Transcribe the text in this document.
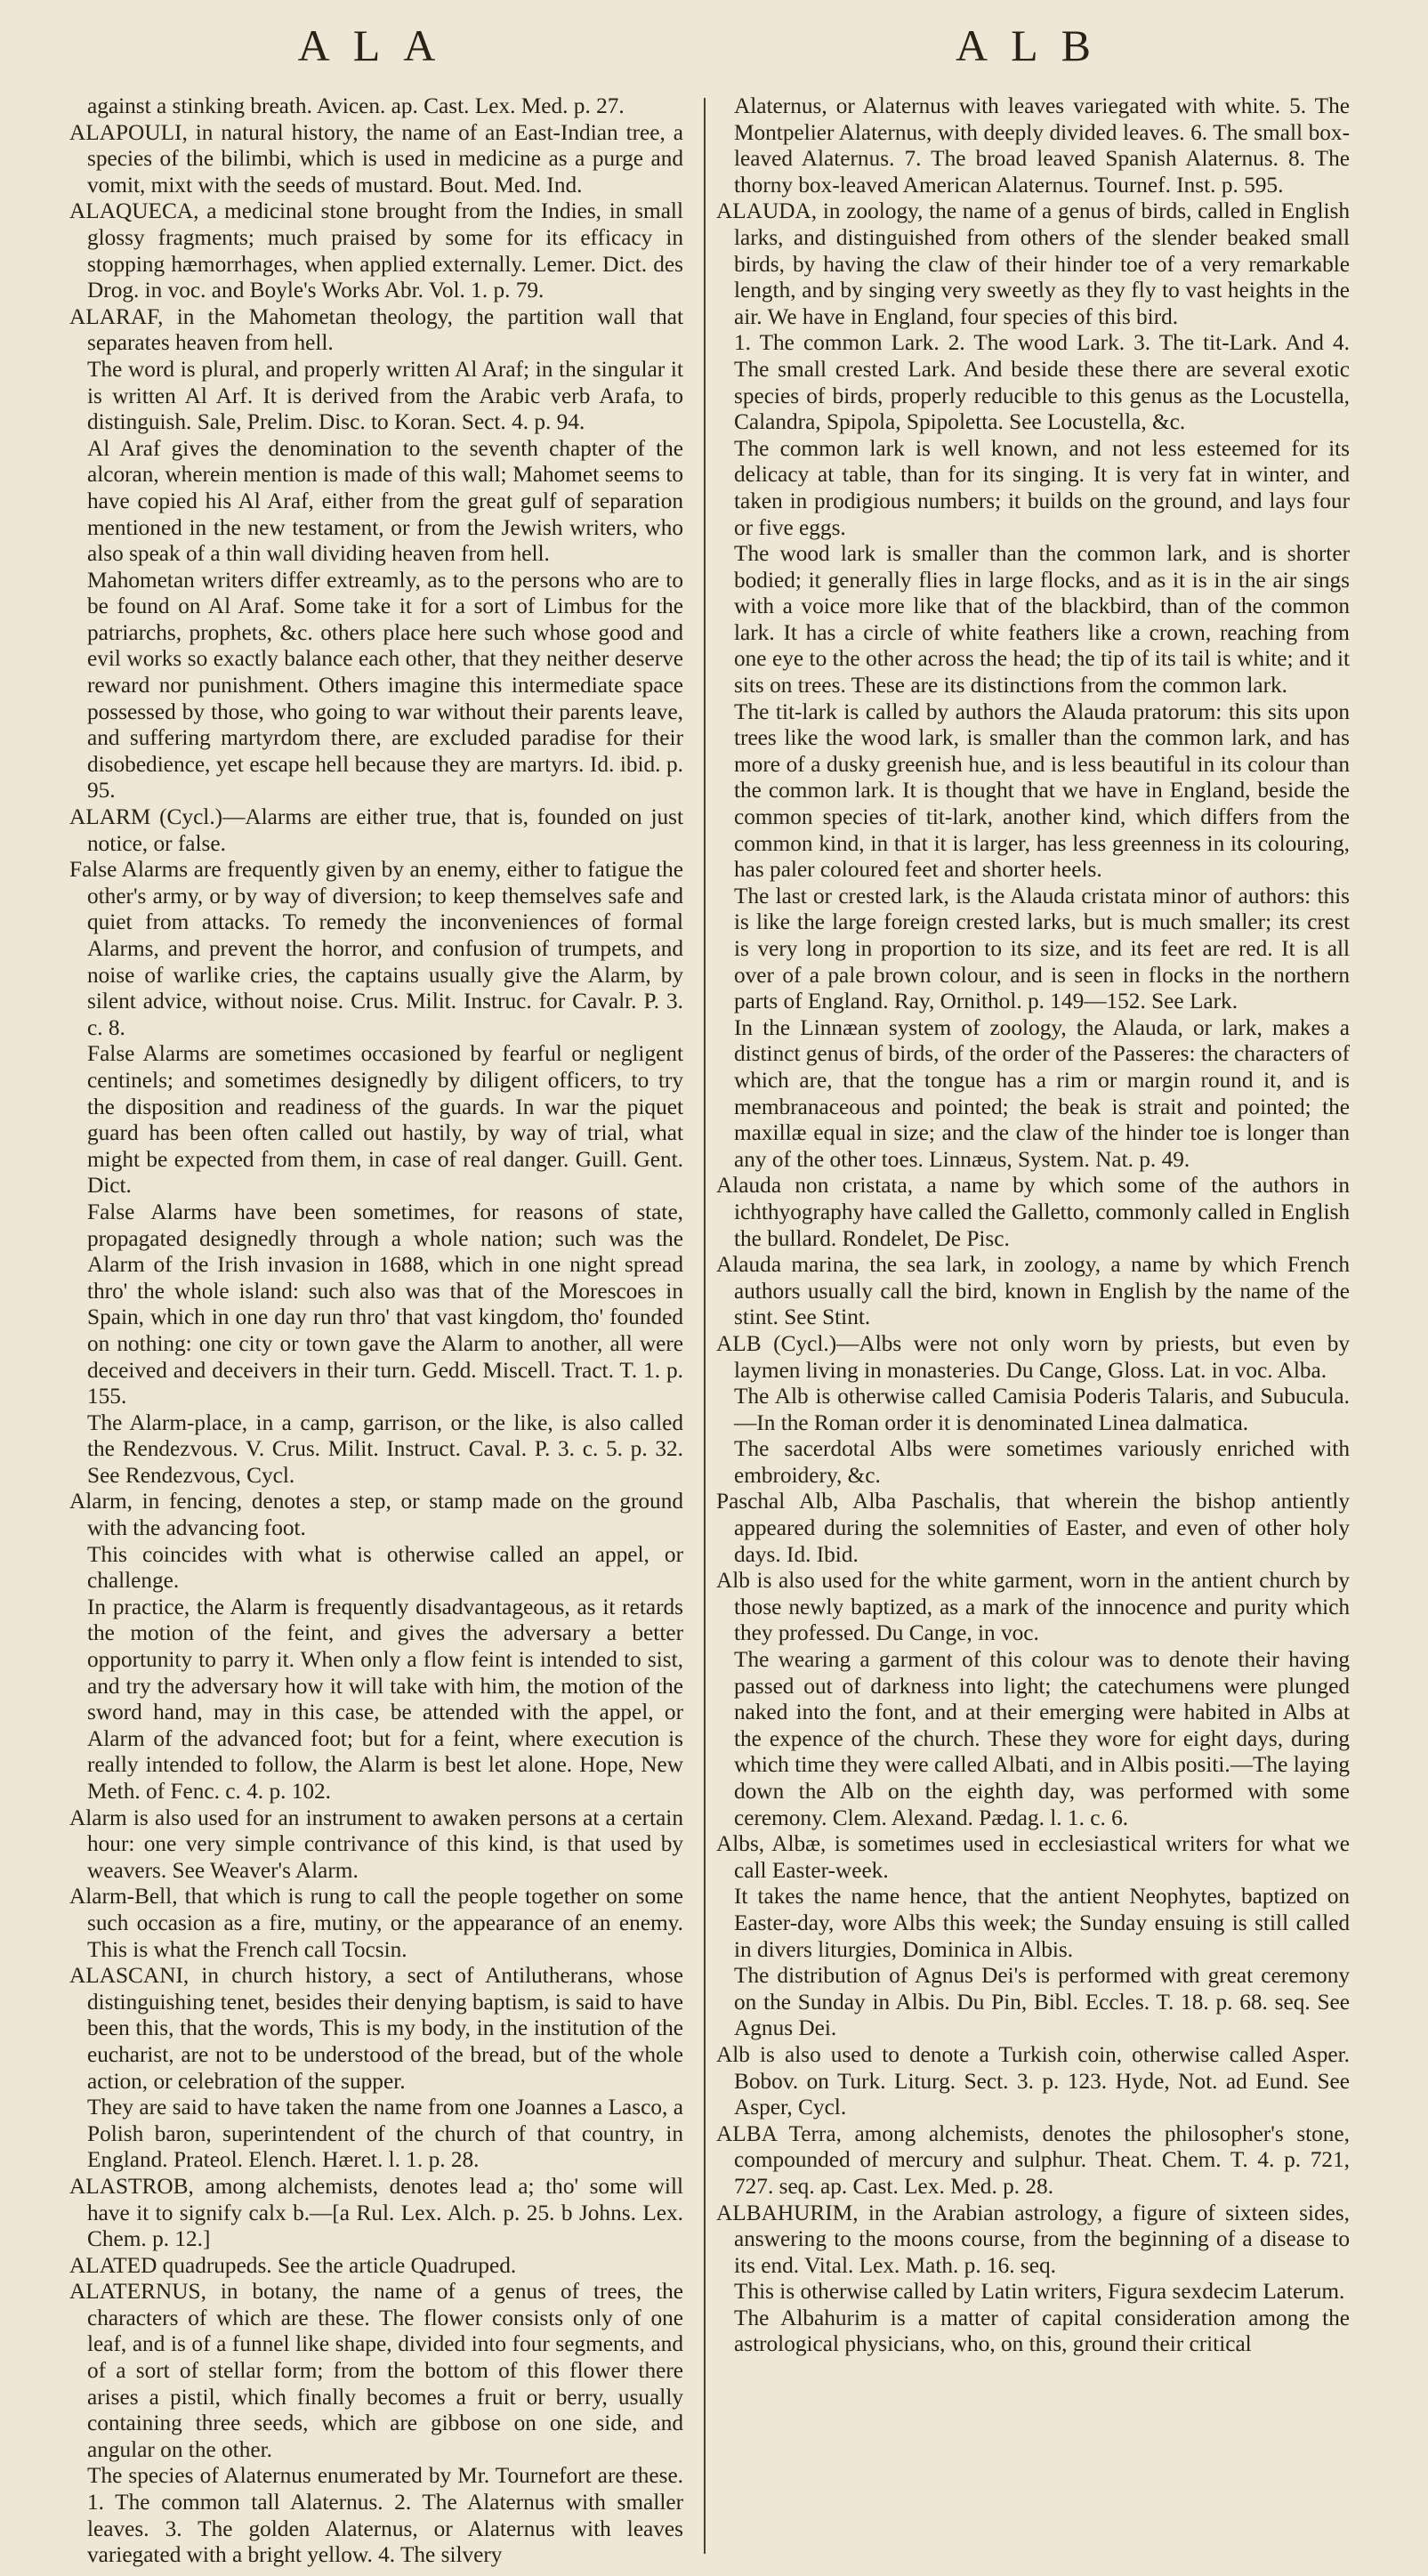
ALA	ALB

against a stinking breath. Avicen. ap. Cast. Lex. Med. p. 27.

ALAPOULI, in natural history, the name of an East-Indian tree, a species of the bilimbi, which is used in medicine as a purge and vomit, mixt with the seeds of mustard. Bout. Med. Ind.

ALAQUECA, a medicinal stone brought from the Indies, in small glossy fragments; much praised by some for its efficacy in stopping hæmorrhages, when applied externally. Lemer. Dict. des Drog. in voc. and Boyle's Works Abr. Vol. 1. p. 79.

ALARAF, in the Mahometan theology, the partition wall that separates heaven from hell.

The word is plural, and properly written Al Araf; in the singular it is written Al Arf. It is derived from the Arabic verb Arafa, to distinguish. Sale, Prelim. Disc. to Koran. Sect. 4. p. 94.

Al Araf gives the denomination to the seventh chapter of the alcoran, wherein mention is made of this wall; Mahomet seems to have copied his Al Araf, either from the great gulf of separation mentioned in the new testament, or from the Jewish writers, who also speak of a thin wall dividing heaven from hell.

Mahometan writers differ extreamly, as to the persons who are to be found on Al Araf. Some take it for a sort of Limbus for the patriarchs, prophets, &c. others place here such whose good and evil works so exactly balance each other, that they neither deserve reward nor punishment. Others imagine this intermediate space possessed by those, who going to war without their parents leave, and suffering martyrdom there, are excluded paradise for their disobedience, yet escape hell because they are martyrs. Id. ibid. p. 95.

ALARM (Cycl.)—Alarms are either true, that is, founded on just notice, or false.

False Alarms are frequently given by an enemy, either to fatigue the other's army, or by way of diversion; to keep themselves safe and quiet from attacks. To remedy the inconveniences of formal Alarms, and prevent the horror, and confusion of trumpets, and noise of warlike cries, the captains usually give the Alarm, by silent advice, without noise. Crus. Milit. Instruc. for Cavalr. P. 3. c. 8.

False Alarms are sometimes occasioned by fearful or negligent centinels; and sometimes designedly by diligent officers, to try the disposition and readiness of the guards. In war the piquet guard has been often called out hastily, by way of trial, what might be expected from them, in case of real danger. Guill. Gent. Dict.

False Alarms have been sometimes, for reasons of state, propagated designedly through a whole nation; such was the Alarm of the Irish invasion in 1688, which in one night spread thro' the whole island: such also was that of the Morescoes in Spain, which in one day run thro' that vast kingdom, tho' founded on nothing: one city or town gave the Alarm to another, all were deceived and deceivers in their turn. Gedd. Miscell. Tract. T. 1. p. 155.

The Alarm-place, in a camp, garrison, or the like, is also called the Rendezvous. V. Crus. Milit. Instruct. Caval. P. 3. c. 5. p. 32. See Rendezvous, Cycl.

Alarm, in fencing, denotes a step, or stamp made on the ground with the advancing foot.

This coincides with what is otherwise called an appel, or challenge.

In practice, the Alarm is frequently disadvantageous, as it retards the motion of the feint, and gives the adversary a better opportunity to parry it. When only a flow feint is intended to sist, and try the adversary how it will take with him, the motion of the sword hand, may in this case, be attended with the appel, or Alarm of the advanced foot; but for a feint, where execution is really intended to follow, the Alarm is best let alone. Hope, New Meth. of Fenc. c. 4. p. 102.

Alarm is also used for an instrument to awaken persons at a certain hour: one very simple contrivance of this kind, is that used by weavers. See Weaver's Alarm.

Alarm-Bell, that which is rung to call the people together on some such occasion as a fire, mutiny, or the appearance of an enemy. This is what the French call Tocsin.

ALASCANI, in church history, a sect of Antilutherans, whose distinguishing tenet, besides their denying baptism, is said to have been this, that the words, This is my body, in the institution of the eucharist, are not to be understood of the bread, but of the whole action, or celebration of the supper.

They are said to have taken the name from one Joannes a Lasco, a Polish baron, superintendent of the church of that country, in England. Prateol. Elench. Hæret. l. 1. p. 28.

ALASTROB, among alchemists, denotes lead a; tho' some will have it to signify calx b.—[a Rul. Lex. Alch. p. 25. b Johns. Lex. Chem. p. 12.]

ALATED quadrupeds. See the article Quadruped.

ALATERNUS, in botany, the name of a genus of trees, the characters of which are these. The flower consists only of one leaf, and is of a funnel like shape, divided into four segments, and of a sort of stellar form; from the bottom of this flower there arises a pistil, which finally becomes a fruit or berry, usually containing three seeds, which are gibbose on one side, and angular on the other.

The species of Alaternus enumerated by Mr. Tournefort are these. 1. The common tall Alaternus. 2. The Alaternus with smaller leaves. 3. The golden Alaternus, or Alaternus with leaves variegated with a bright yellow. 4. The silvery

Alaternus, or Alaternus with leaves variegated with white. 5. The Montpelier Alaternus, with deeply divided leaves. 6. The small box-leaved Alaternus. 7. The broad leaved Spanish Alaternus. 8. The thorny box-leaved American Alaternus. Tournef. Inst. p. 595.

ALAUDA, in zoology, the name of a genus of birds, called in English larks, and distinguished from others of the slender beaked small birds, by having the claw of their hinder toe of a very remarkable length, and by singing very sweetly as they fly to vast heights in the air. We have in England, four species of this bird.

1. The common Lark. 2. The wood Lark. 3. The tit-Lark. And 4. The small crested Lark. And beside these there are several exotic species of birds, properly reducible to this genus as the Locustella, Calandra, Spipola, Spipoletta. See Locustella, &c.

The common lark is well known, and not less esteemed for its delicacy at table, than for its singing. It is very fat in winter, and taken in prodigious numbers; it builds on the ground, and lays four or five eggs.

The wood lark is smaller than the common lark, and is shorter bodied; it generally flies in large flocks, and as it is in the air sings with a voice more like that of the blackbird, than of the common lark. It has a circle of white feathers like a crown, reaching from one eye to the other across the head; the tip of its tail is white; and it sits on trees. These are its distinctions from the common lark.

The tit-lark is called by authors the Alauda pratorum: this sits upon trees like the wood lark, is smaller than the common lark, and has more of a dusky greenish hue, and is less beautiful in its colour than the common lark. It is thought that we have in England, beside the common species of tit-lark, another kind, which differs from the common kind, in that it is larger, has less greenness in its colouring, has paler coloured feet and shorter heels.

The last or crested lark, is the Alauda cristata minor of authors: this is like the large foreign crested larks, but is much smaller; its crest is very long in proportion to its size, and its feet are red. It is all over of a pale brown colour, and is seen in flocks in the northern parts of England. Ray, Ornithol. p. 149—152. See Lark.

In the Linnæan system of zoology, the Alauda, or lark, makes a distinct genus of birds, of the order of the Passeres: the characters of which are, that the tongue has a rim or margin round it, and is membranaceous and pointed; the beak is strait and pointed; the maxillæ equal in size; and the claw of the hinder toe is longer than any of the other toes. Linnæus, System. Nat. p. 49.

Alauda non cristata, a name by which some of the authors in ichthyography have called the Galletto, commonly called in English the bullard. Rondelet, De Pisc.

Alauda marina, the sea lark, in zoology, a name by which French authors usually call the bird, known in English by the name of the stint. See Stint.

ALB (Cycl.)—Albs were not only worn by priests, but even by laymen living in monasteries. Du Cange, Gloss. Lat. in voc. Alba.

The Alb is otherwise called Camisia Poderis Talaris, and Subucula.—In the Roman order it is denominated Linea dalmatica.

The sacerdotal Albs were sometimes variously enriched with embroidery, &c.

Paschal Alb, Alba Paschalis, that wherein the bishop antiently appeared during the solemnities of Easter, and even of other holy days. Id. Ibid.

Alb is also used for the white garment, worn in the antient church by those newly baptized, as a mark of the innocence and purity which they professed. Du Cange, in voc.

The wearing a garment of this colour was to denote their having passed out of darkness into light; the catechumens were plunged naked into the font, and at their emerging were habited in Albs at the expence of the church. These they wore for eight days, during which time they were called Albati, and in Albis positi.—The laying down the Alb on the eighth day, was performed with some ceremony. Clem. Alexand. Pædag. l. 1. c. 6.

Albs, Albæ, is sometimes used in ecclesiastical writers for what we call Easter-week.

It takes the name hence, that the antient Neophytes, baptized on Easter-day, wore Albs this week; the Sunday ensuing is still called in divers liturgies, Dominica in Albis.

The distribution of Agnus Dei's is performed with great ceremony on the Sunday in Albis. Du Pin, Bibl. Eccles. T. 18. p. 68. seq. See Agnus Dei.

Alb is also used to denote a Turkish coin, otherwise called Asper. Bobov. on Turk. Liturg. Sect. 3. p. 123. Hyde, Not. ad Eund. See Asper, Cycl.

ALBA Terra, among alchemists, denotes the philosopher's stone, compounded of mercury and sulphur. Theat. Chem. T. 4. p. 721, 727. seq. ap. Cast. Lex. Med. p. 28.

ALBAHURIM, in the Arabian astrology, a figure of sixteen sides, answering to the moons course, from the beginning of a disease to its end. Vital. Lex. Math. p. 16. seq.

This is otherwise called by Latin writers, Figura sexdecim Laterum.

The Albahurim is a matter of capital consideration among the astrological physicians, who, on this, ground their critical
